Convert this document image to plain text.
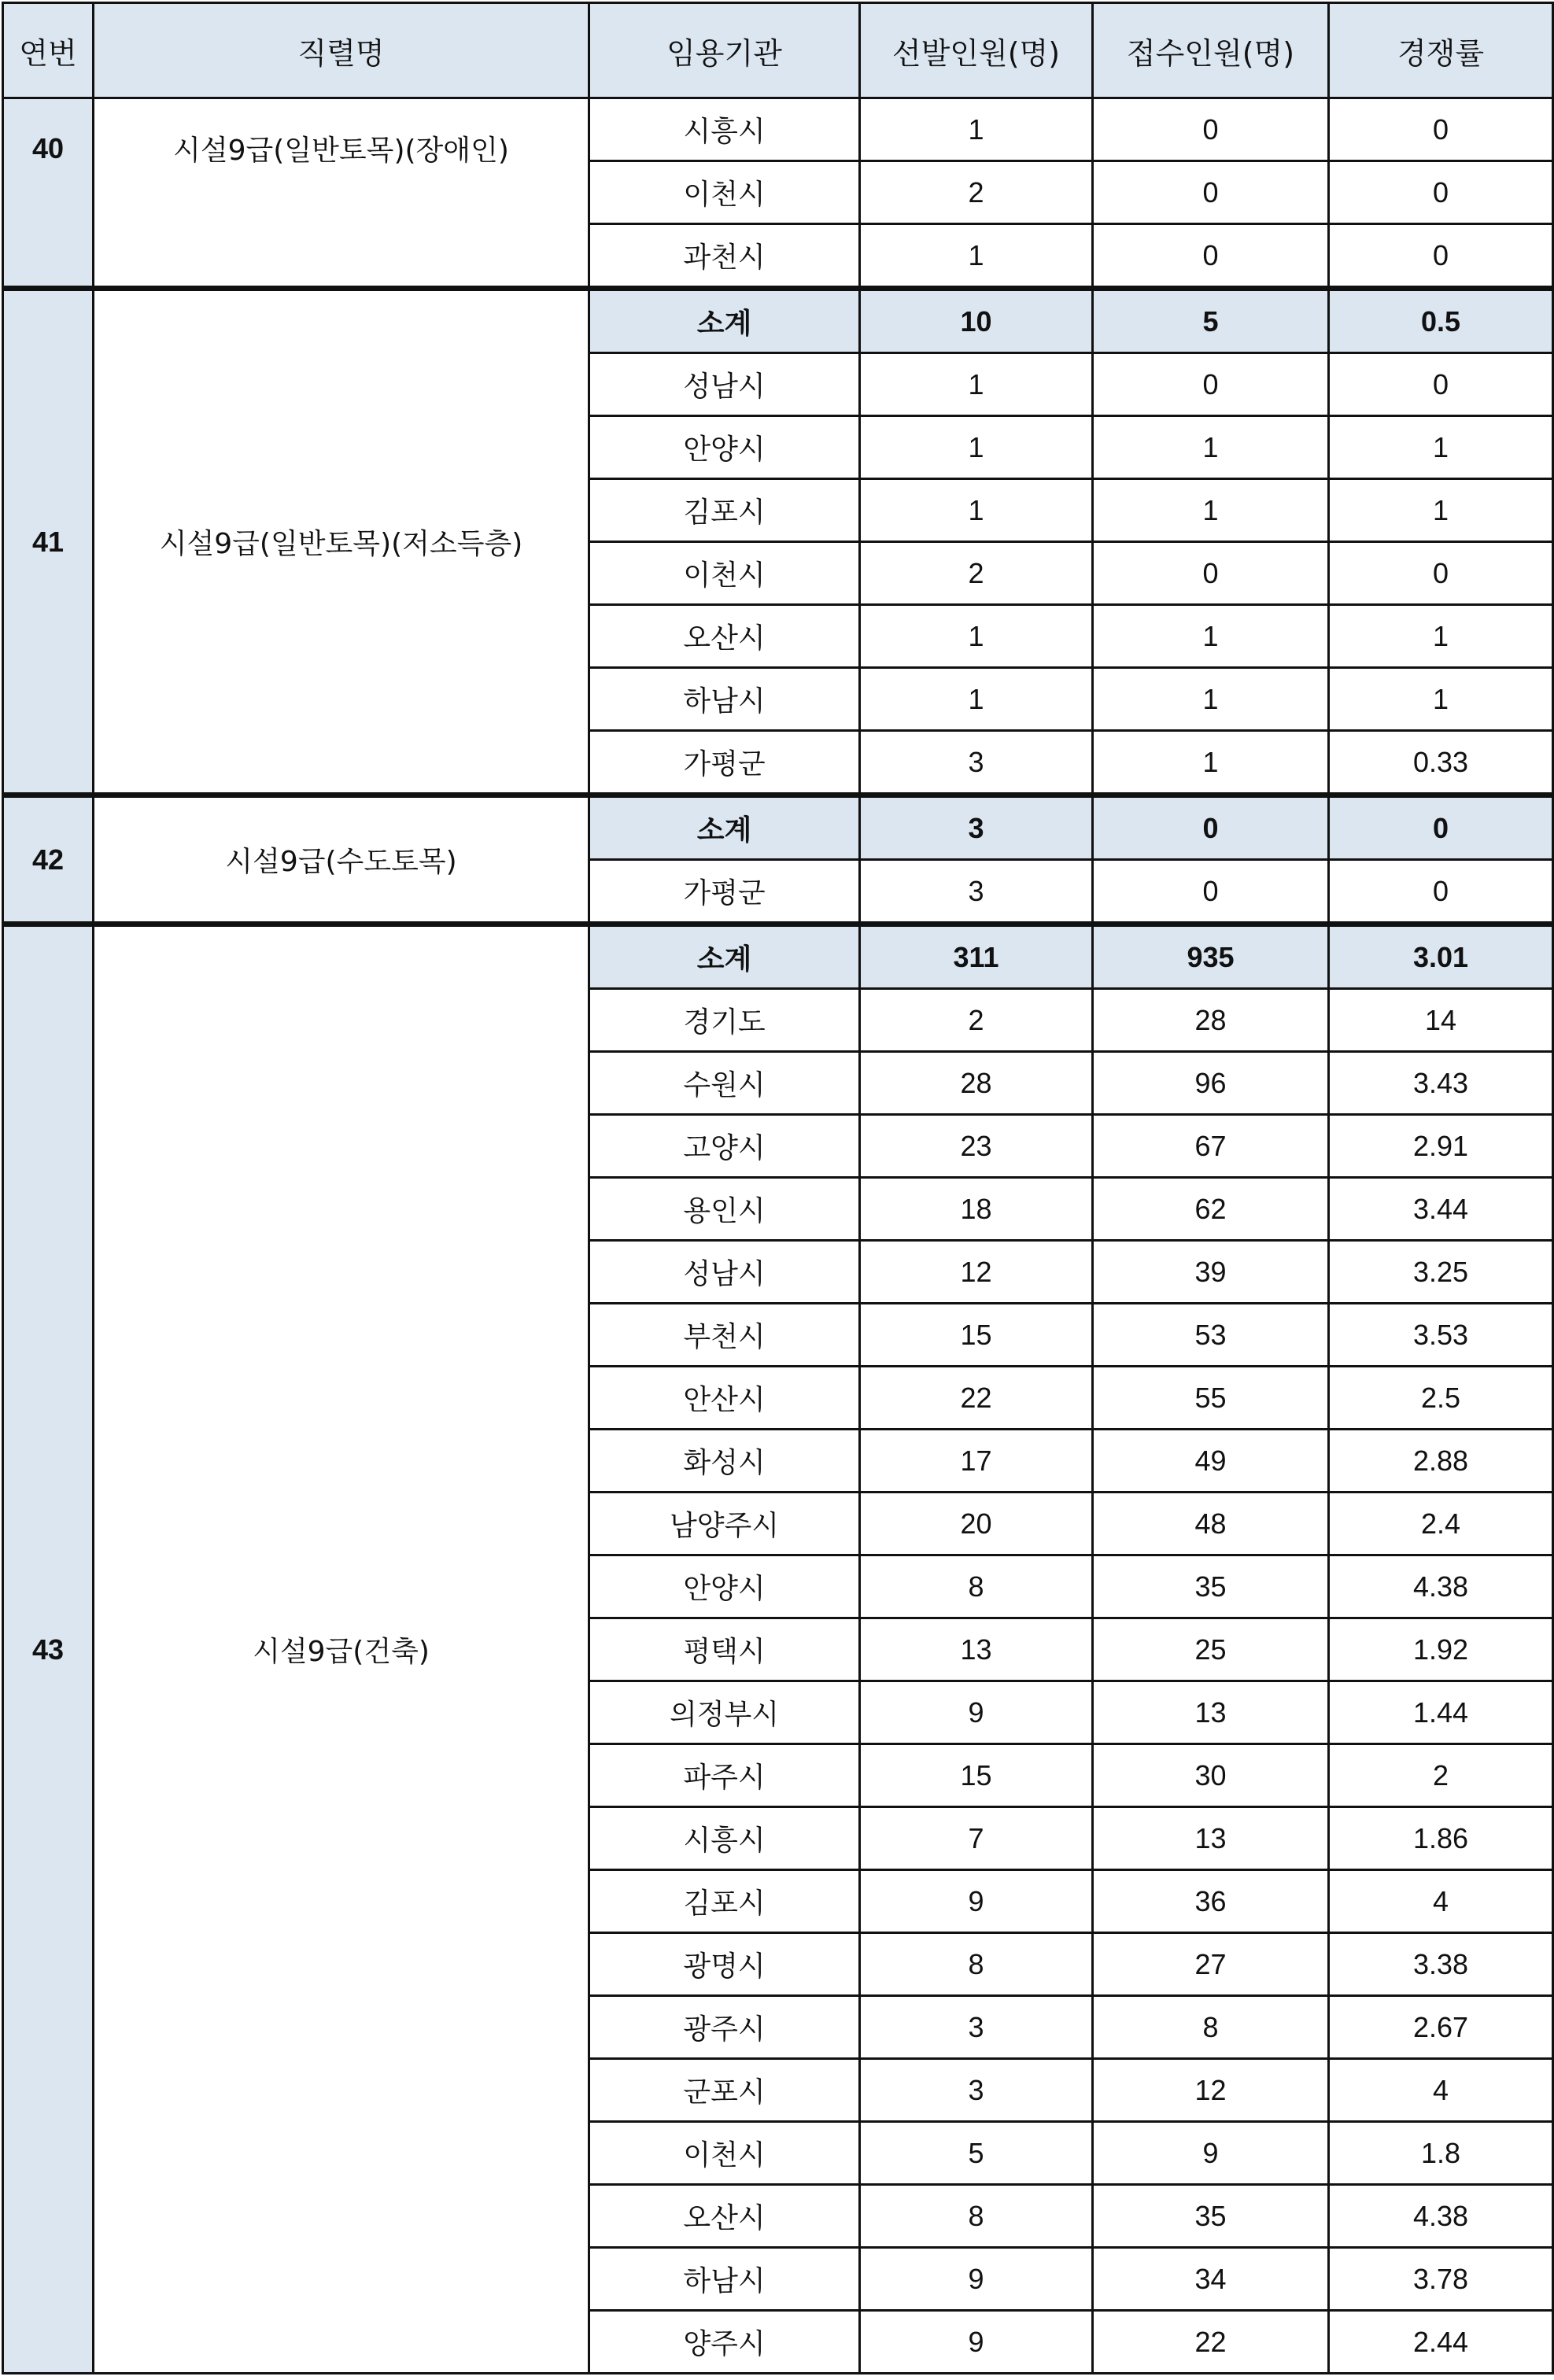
연번	직렬명	임용기관	선발인원(명)	접수인원(명)	경쟁률

40	시설9급(일반토목)(장애인)	시흥시	1	0	0
		이천시	2	0	0
		과천시	1	0	0
41	시설9급(일반토목)(저소득층)	소계	10	5	0.5
		성남시	1	0	0
		안양시	1	1	1
		김포시	1	1	1
		이천시	2	0	0
		오산시	1	1	1
		하남시	1	1	1
		가평군	3	1	0.33
42	시설9급(수도토목)	소계	3	0	0
		가평군	3	0	0
43	시설9급(건축)	소계	311	935	3.01
		경기도	2	28	14
		수원시	28	96	3.43
		고양시	23	67	2.91
		용인시	18	62	3.44
		성남시	12	39	3.25
		부천시	15	53	3.53
		안산시	22	55	2.5
		화성시	17	49	2.88
		남양주시	20	48	2.4
		안양시	8	35	4.38
		평택시	13	25	1.92
		의정부시	9	13	1.44
		파주시	15	30	2
		시흥시	7	13	1.86
		김포시	9	36	4
		광명시	8	27	3.38
		광주시	3	8	2.67
		군포시	3	12	4
		이천시	5	9	1.8
		오산시	8	35	4.38
		하남시	9	34	3.78
		양주시	9	22	2.44
